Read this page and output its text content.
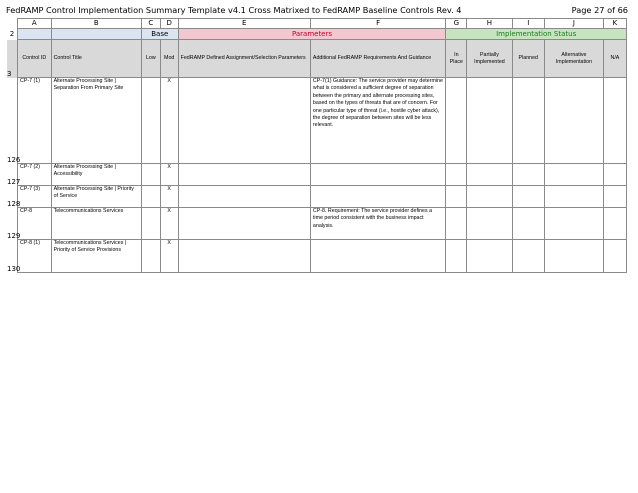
FedRAMP Control Implementation Summary Template v4.1 Cross Matrixed to FedRAMP Baseline Controls Rev. 4	Page 27 of 66
	A	B	C	D	E	F	G	H	I	J	K
2			Base		Parameters		Implementation Status				
3	Control ID	Control Title	Low	Mod	FedRAMP Defined Assignment/Selection Parameters	Additional FedRAMP Requirements And Guidance	In Place	Partially Implemented	Planned	Alternative Implementation	N/A
126	CP-7 (1)	Alternate Processing Site | Separation From Primary Site		X		CP-7(1) Guidance: The service provider may determine what is considered a sufficient degree of separation between the primary and alternate processing sites, based on the types of threats that are of concern. For one particular type of threat (i.e., hostile cyber attack), the degree of separation between sites will be less relevant.					
127	CP-7 (2)	Alternate Processing Site | Accessibility		X							
128	CP-7 (3)	Alternate Processing Site | Priority of Service		X							
129	CP-8	Telecommunications Services		X		CP-8. Requirement: The service provider defines a time period consistent with the business impact analysis.					
130	CP-8 (1)	Telecommunications Services | Priority of Service Provisions		X							
